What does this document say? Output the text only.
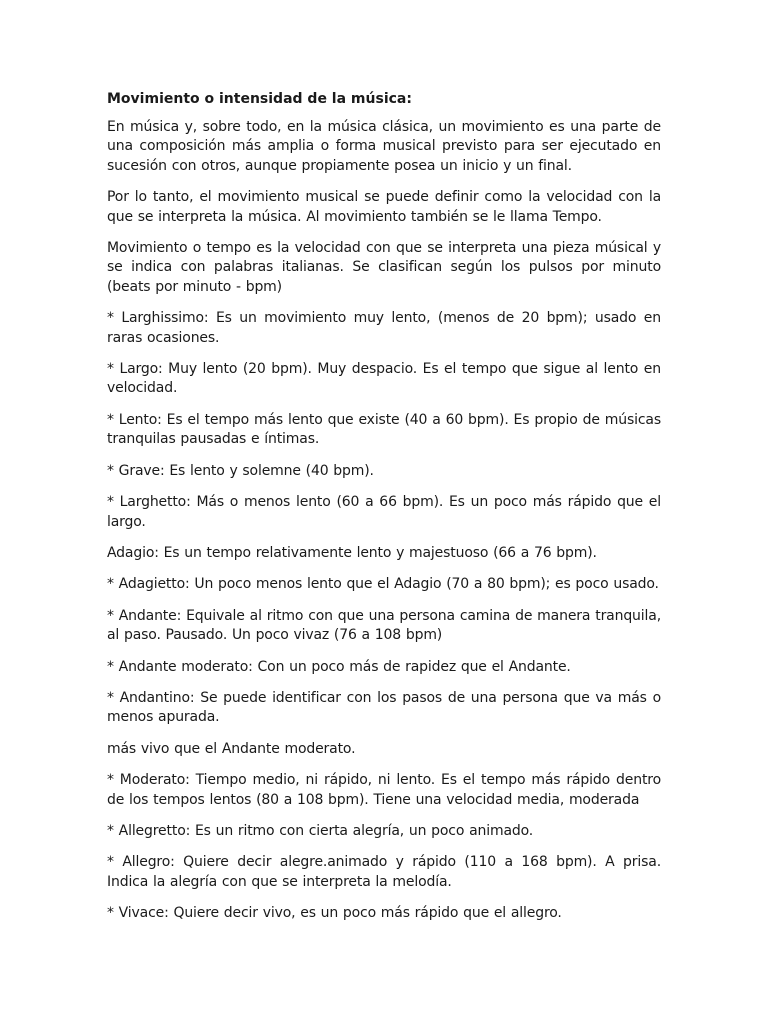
Movimiento o intensidad de la música:

En música y, sobre todo, en la música clásica, un movimiento es una parte de una composición más amplia o forma musical previsto para ser ejecutado en sucesión con otros, aunque propiamente posea un inicio y un final.

Por lo tanto, el movimiento musical se puede definir como la velocidad con la que se interpreta la música. Al movimiento también se le llama Tempo.

Movimiento o tempo es la velocidad con que se interpreta una pieza músical y se indica con palabras italianas. Se clasifican según los pulsos por minuto (beats por minuto - bpm)

* Larghissimo: Es un movimiento muy lento, (menos de 20 bpm); usado en raras ocasiones.

* Largo: Muy lento (20 bpm). Muy despacio. Es el tempo que sigue al lento en velocidad.

* Lento: Es el tempo más lento que existe (40 a 60 bpm). Es propio de músicas tranquilas pausadas e íntimas.

* Grave: Es lento y solemne (40 bpm).

* Larghetto: Más o menos lento (60 a 66 bpm). Es un poco más rápido que el largo.

Adagio: Es un tempo relativamente lento y majestuoso (66 a 76 bpm).

* Adagietto: Un poco menos lento que el Adagio (70 a 80 bpm); es poco usado.

* Andante: Equivale al ritmo con que una persona camina de manera tranquila, al paso. Pausado. Un poco vivaz (76 a 108 bpm)

* Andante moderato: Con un poco más de rapidez que el Andante.

* Andantino: Se puede identificar con los pasos de una persona que va más o menos apurada.

más vivo que el Andante moderato.

* Moderato: Tiempo medio, ni rápido, ni lento. Es el tempo más rápido dentro de los tempos lentos (80 a 108 bpm). Tiene una velocidad media, moderada

* Allegretto: Es un ritmo con cierta alegría, un poco animado.

* Allegro: Quiere decir alegre.animado y rápido (110 a 168 bpm). A prisa. Indica la alegría con que se interpreta la melodía.

* Vivace: Quiere decir vivo, es un poco más rápido que el allegro.
